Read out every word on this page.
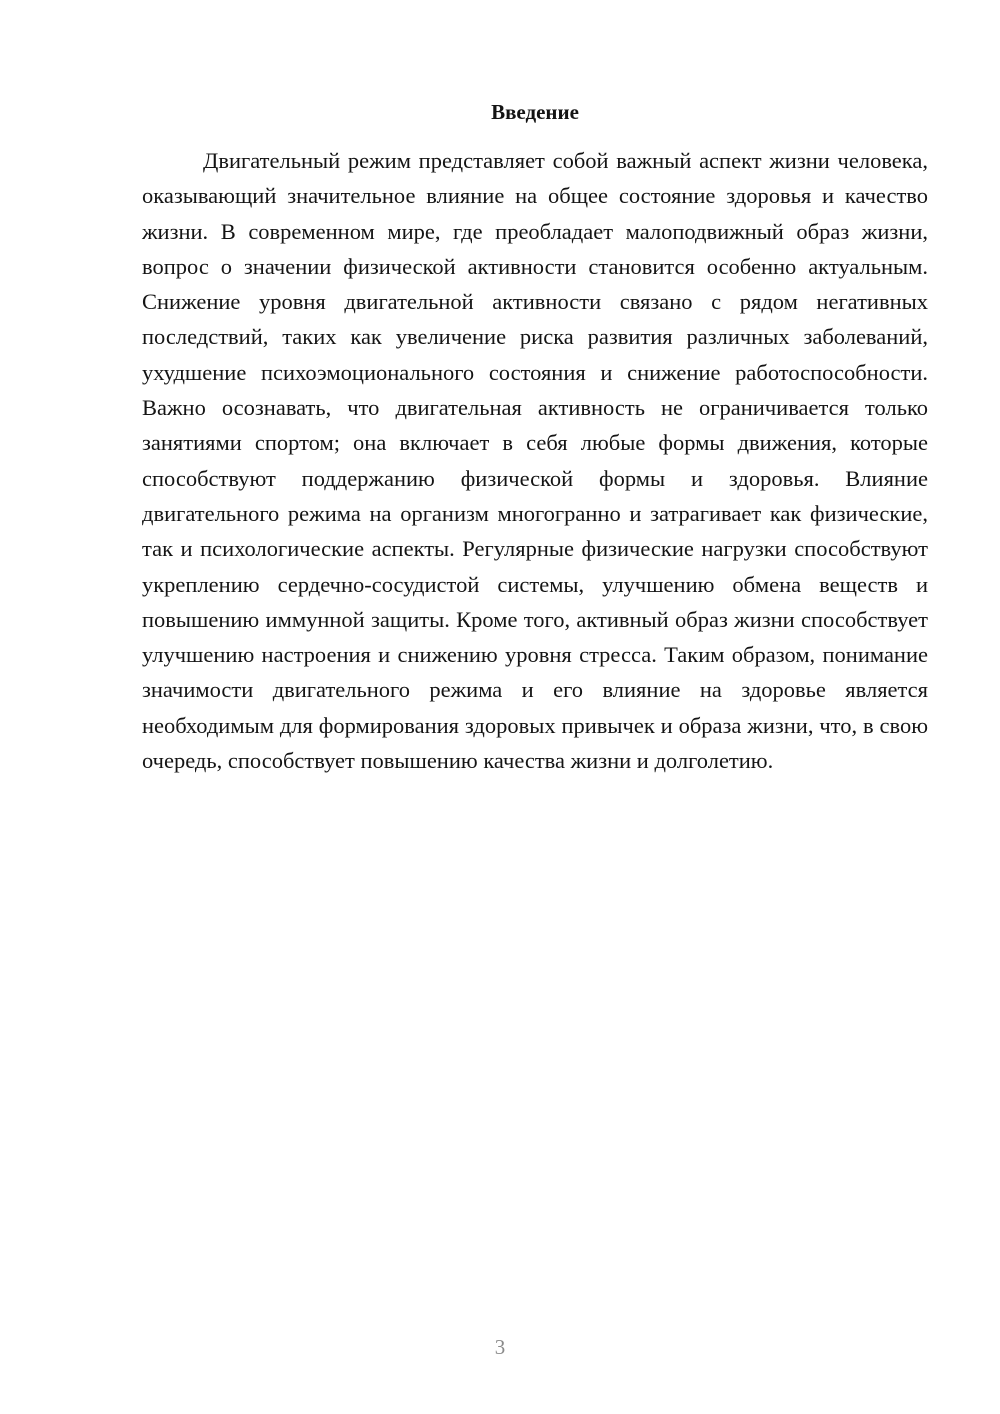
Введение

Двигательный режим представляет собой важный аспект жизни человека, оказывающий значительное влияние на общее состояние здоровья и качество жизни. В современном мире, где преобладает малоподвижный образ жизни, вопрос о значении физической активности становится особенно актуальным. Снижение уровня двигательной активности связано с рядом негативных последствий, таких как увеличение риска развития различных заболеваний, ухудшение психоэмоционального состояния и снижение работоспособности. Важно осознавать, что двигательная активность не ограничивается только занятиями спортом; она включает в себя любые формы движения, которые способствуют поддержанию физической формы и здоровья. Влияние двигательного режима на организм многогранно и затрагивает как физические, так и психологические аспекты. Регулярные физические нагрузки способствуют укреплению сердечно-сосудистой системы, улучшению обмена веществ и повышению иммунной защиты. Кроме того, активный образ жизни способствует улучшению настроения и снижению уровня стресса. Таким образом, понимание значимости двигательного режима и его влияние на здоровье является необходимым для формирования здоровых привычек и образа жизни, что, в свою очередь, способствует повышению качества жизни и долголетию.

3
